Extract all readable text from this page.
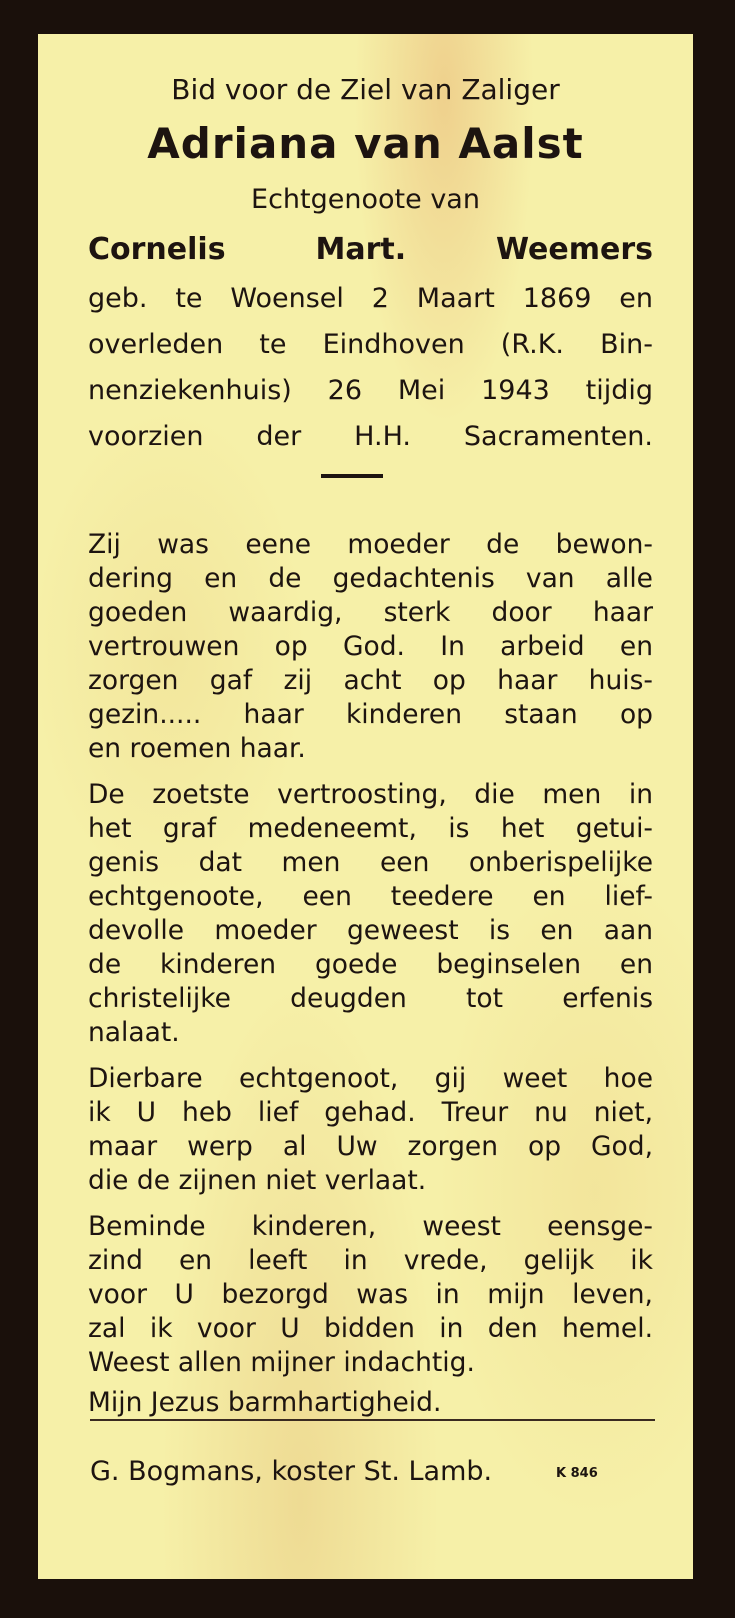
Bid voor de Ziel van Zaliger
Adriana van Aalst
Echtgenoote van
Cornelis Mart. Weemers
geb. te Woensel 2 Maart 1869 en
overleden te Eindhoven (R.K. Bin-
nenziekenhuis) 26 Mei 1943 tijdig
voorzien der H.H. Sacramenten.
Zij was eene moeder de bewon-
dering en de gedachtenis van alle
goeden waardig, sterk door haar
vertrouwen op God. In arbeid en
zorgen gaf zij acht op haar huis-
gezin..... haar kinderen staan op
en roemen haar.
De zoetste vertroosting, die men in
het graf medeneemt, is het getui-
genis dat men een onberispelijke
echtgenoote, een teedere en lief-
devolle moeder geweest is en aan
de kinderen goede beginselen en
christelijke deugden tot erfenis
nalaat.
Dierbare echtgenoot, gij weet hoe
ik U heb lief gehad. Treur nu niet,
maar werp al Uw zorgen op God,
die de zijnen niet verlaat.
Beminde kinderen, weest eensge-
zind en leeft in vrede, gelijk ik
voor U bezorgd was in mijn leven,
zal ik voor U bidden in den hemel.
Weest allen mijner indachtig.
Mijn Jezus barmhartigheid.
G. Bogmans, koster St. Lamb.	K 846
